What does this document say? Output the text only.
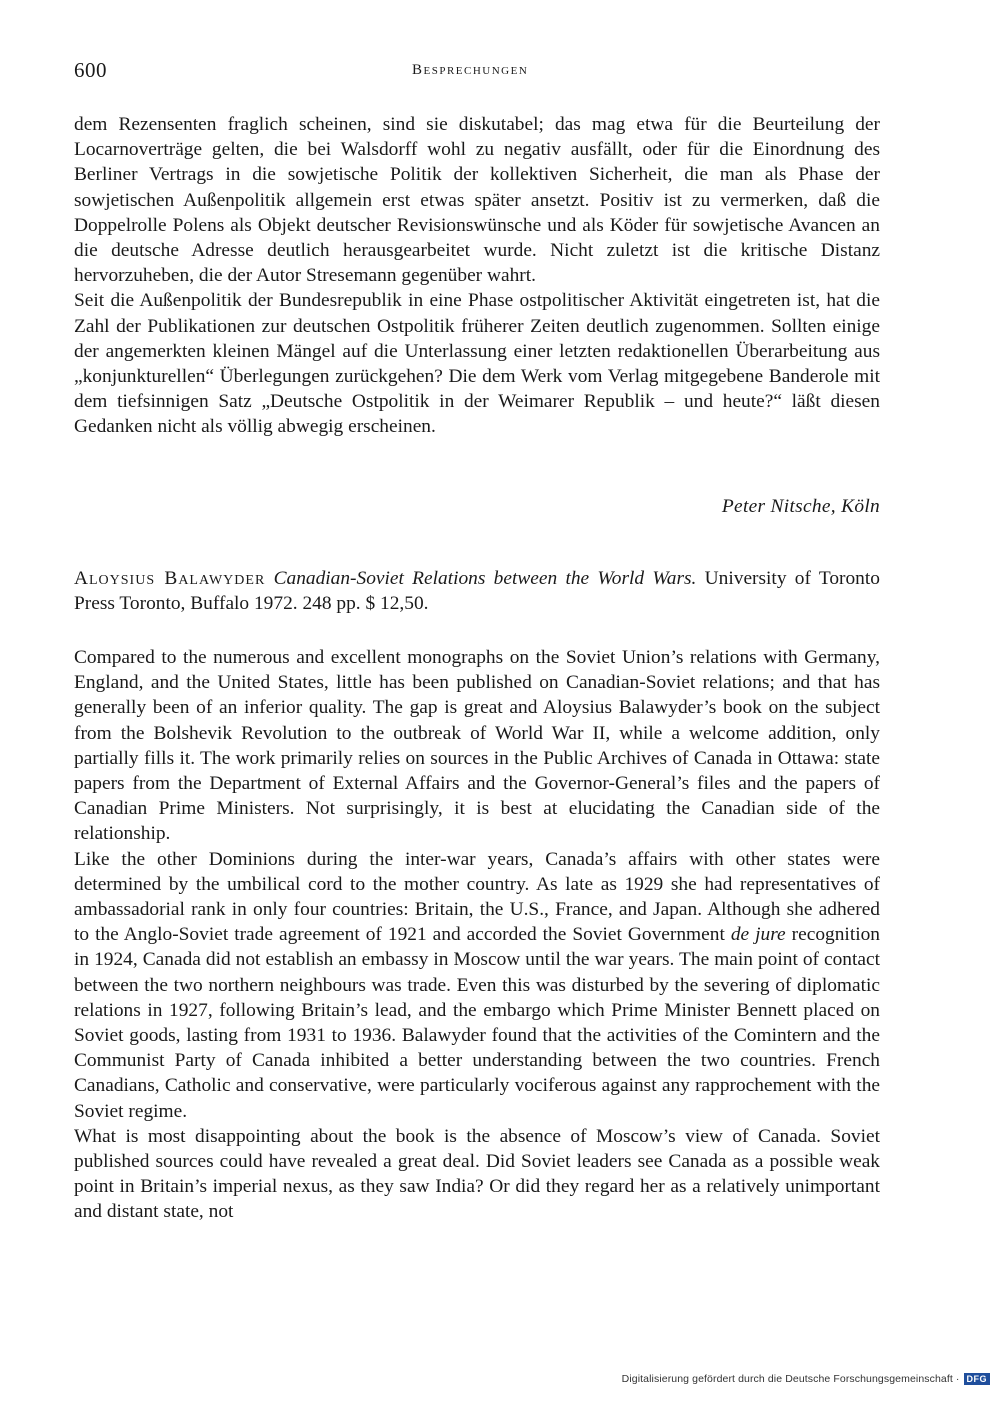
600	Besprechungen

dem Rezensenten fraglich scheinen, sind sie diskutabel; das mag etwa für die Beurteilung der Locarnoverträge gelten, die bei Walsdorff wohl zu negativ ausfällt, oder für die Einordnung des Berliner Vertrags in die sowjetische Politik der kollektiven Sicherheit, die man als Phase der sowjetischen Außenpolitik allgemein erst etwas später ansetzt. Positiv ist zu vermerken, daß die Doppelrolle Polens als Objekt deutscher Revisionswünsche und als Köder für sowjetische Avancen an die deutsche Adresse deutlich herausgearbeitet wurde. Nicht zuletzt ist die kritische Distanz hervorzuheben, die der Autor Stresemann gegenüber wahrt.

Seit die Außenpolitik der Bundesrepublik in eine Phase ostpolitischer Aktivität eingetreten ist, hat die Zahl der Publikationen zur deutschen Ostpolitik früherer Zeiten deutlich zugenommen. Sollten einige der angemerkten kleinen Mängel auf die Unterlassung einer letzten redaktionellen Überarbeitung aus „konjunkturellen“ Überlegungen zurückgehen? Die dem Werk vom Verlag mitgegebene Banderole mit dem tiefsinnigen Satz „Deutsche Ostpolitik in der Weimarer Republik – und heute?“ läßt diesen Gedanken nicht als völlig abwegig erscheinen.

Peter Nitsche, Köln
Aloysius Balawyder Canadian-Soviet Relations between the World Wars. University of Toronto Press Toronto, Buffalo 1972. 248 pp. $ 12,50.

Compared to the numerous and excellent monographs on the Soviet Union’s relations with Germany, England, and the United States, little has been published on Canadian-Soviet relations; and that has generally been of an inferior quality. The gap is great and Aloysius Balawyder’s book on the subject from the Bolshevik Revolution to the outbreak of World War II, while a welcome addition, only partially fills it. The work primarily relies on sources in the Public Archives of Canada in Ottawa: state papers from the Department of External Affairs and the Governor-General’s files and the papers of Canadian Prime Ministers. Not surprisingly, it is best at elucidating the Canadian side of the relationship.

Like the other Dominions during the inter-war years, Canada’s affairs with other states were determined by the umbilical cord to the mother country. As late as 1929 she had representatives of ambassadorial rank in only four countries: Britain, the U.S., France, and Japan. Although she adhered to the Anglo-Soviet trade agreement of 1921 and accorded the Soviet Government de jure recognition in 1924, Canada did not establish an embassy in Moscow until the war years. The main point of contact between the two northern neighbours was trade. Even this was disturbed by the severing of diplomatic relations in 1927, following Britain’s lead, and the embargo which Prime Minister Bennett placed on Soviet goods, lasting from 1931 to 1936. Balawyder found that the activities of the Comintern and the Communist Party of Canada inhibited a better understanding between the two countries. French Canadians, Catholic and conservative, were particularly vociferous against any rapprochement with the Soviet regime.

What is most disappointing about the book is the absence of Moscow’s view of Canada. Soviet published sources could have revealed a great deal. Did Soviet leaders see Canada as a possible weak point in Britain’s imperial nexus, as they saw India? Or did they regard her as a relatively unimportant and distant state, not

Digitalisierung gefördert durch die Deutsche Forschungsgemeinschaft · DFG
